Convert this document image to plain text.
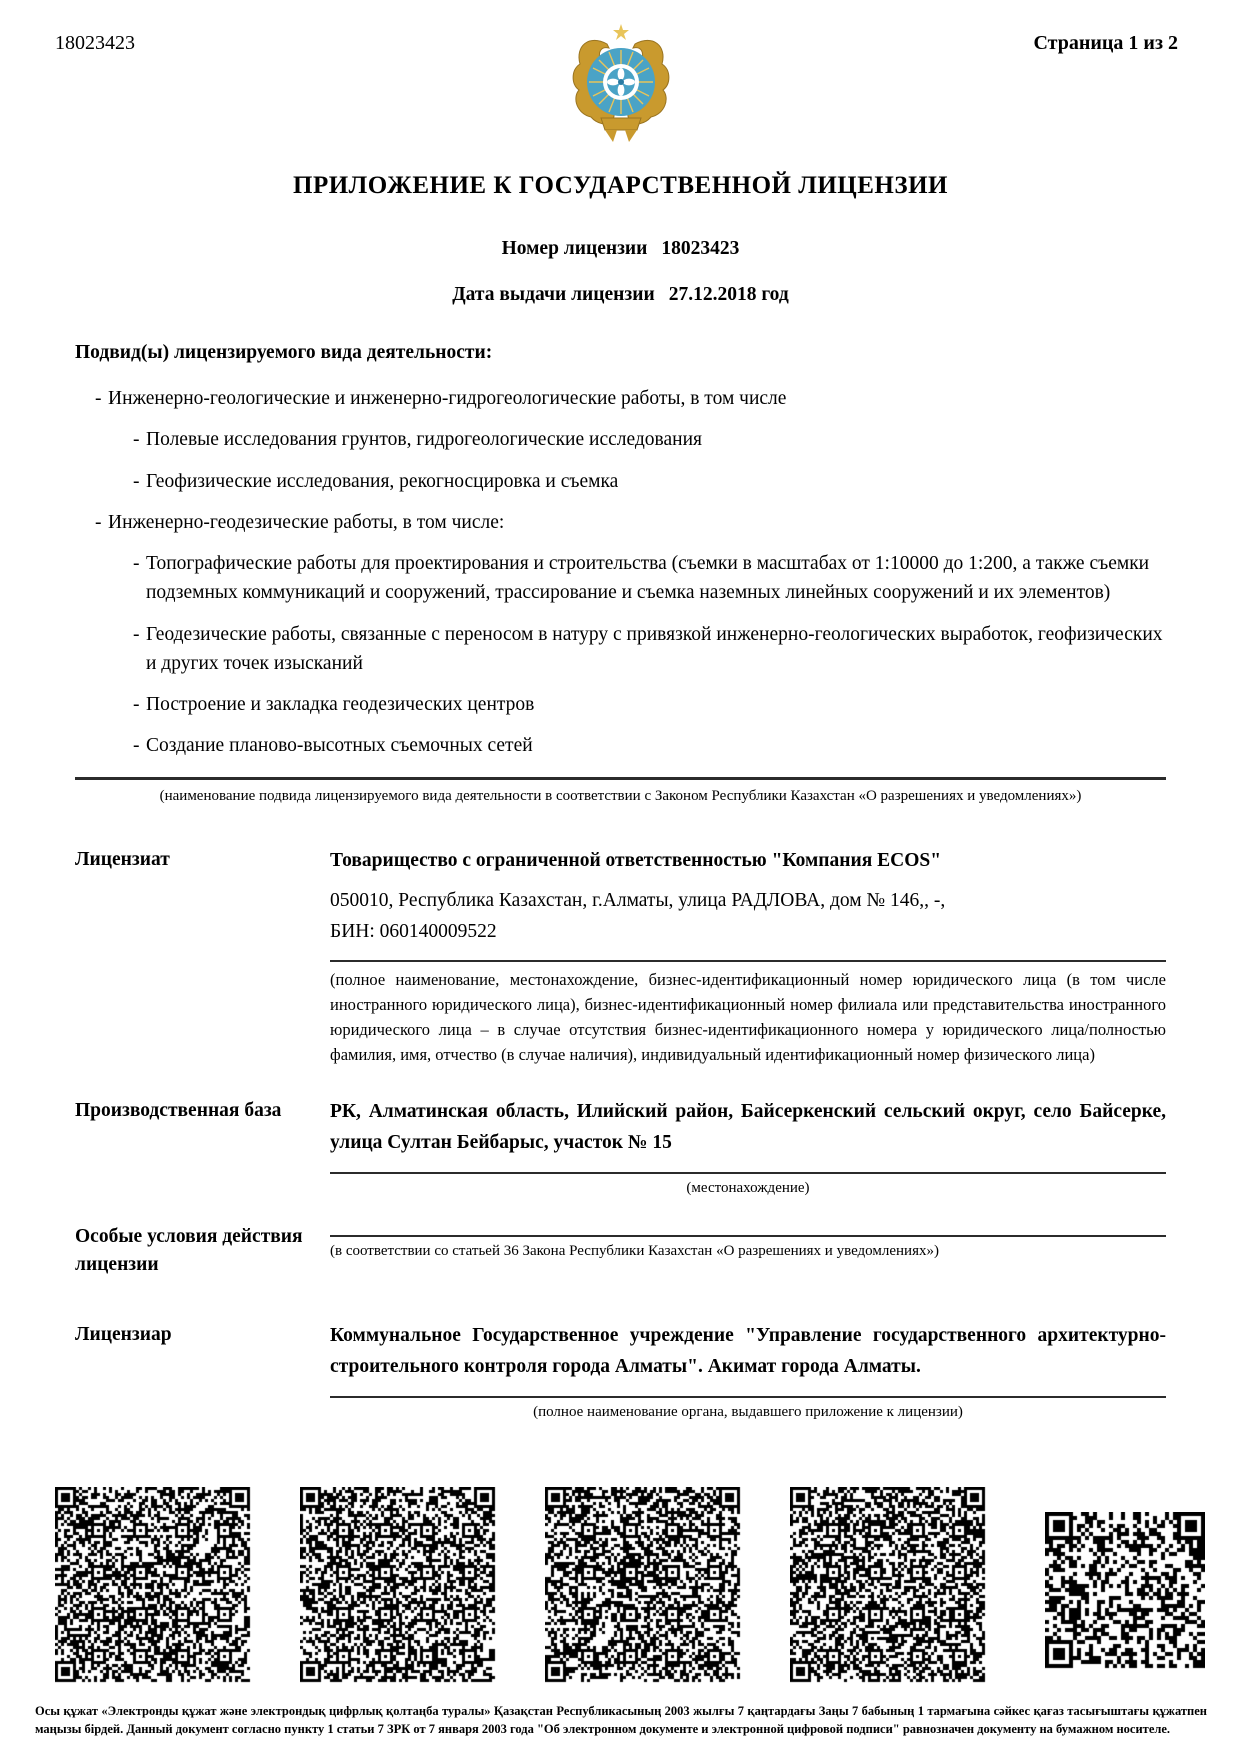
18023423	Страница 1 из 2
ПРИЛОЖЕНИЕ К ГОСУДАРСТВЕННОЙ ЛИЦЕНЗИИ
Номер лицензии 18023423
Дата выдачи лицензии 27.12.2018 год
Подвид(ы) лицензируемого вида деятельности:
- Инженерно-геологические и инженерно-гидрогеологические работы, в том числе
- Полевые исследования грунтов, гидрогеологические исследования
- Геофизические исследования, рекогносцировка и съемка
- Инженерно-геодезические работы, в том числе:
- Топографические работы для проектирования и строительства (съемки в масштабах от 1:10000 до 1:200, а также съемки подземных коммуникаций и сооружений, трассирование и съемка наземных линейных сооружений и их элементов)
- Геодезические работы, связанные с переносом в натуру с привязкой инженерно-геологических выработок, геофизических и других точек изысканий
- Построение и закладка геодезических центров
- Создание планово-высотных съемочных сетей
(наименование подвида лицензируемого вида деятельности в соответствии с Законом Республики Казахстан «О разрешениях и уведомлениях»)
Лицензиат	Товарищество с ограниченной ответственностью "Компания ECOS"
050010, Республика Казахстан, г.Алматы, улица РАДЛОВА, дом № 146,, -,
БИН: 060140009522
(полное наименование, местонахождение, бизнес-идентификационный номер юридического лица (в том числе иностранного юридического лица), бизнес-идентификационный номер филиала или представительства иностранного юридического лица – в случае отсутствия бизнес-идентификационного номера у юридического лица/полностью фамилия, имя, отчество (в случае наличия), индивидуальный идентификационный номер физического лица)
Производственная база	РК, Алматинская область, Илийский район, Байсеркенский сельский округ, село Байсерке, улица Султан Бейбарыс, участок № 15
(местонахождение)
Особые условия действия лицензии
(в соответствии со статьей 36 Закона Республики Казахстан «О разрешениях и уведомлениях»)
Лицензиар	Коммунальное Государственное учреждение "Управление государственного архитектурно-строительного контроля города Алматы". Акимат города Алматы.
(полное наименование органа, выдавшего приложение к лицензии)
Осы құжат «Электронды құжат және электрондық цифрлық қолтаңба туралы» Қазақстан Республикасының 2003 жылғы 7 қаңтардағы Заңы 7 бабының 1 тармағына сәйкес қағаз тасығыштағы құжатпен маңызы бірдей. Данный документ согласно пункту 1 статьи 7 ЗРК от 7 января 2003 года "Об электронном документе и электронной цифровой подписи" равнозначен документу на бумажном носителе.
